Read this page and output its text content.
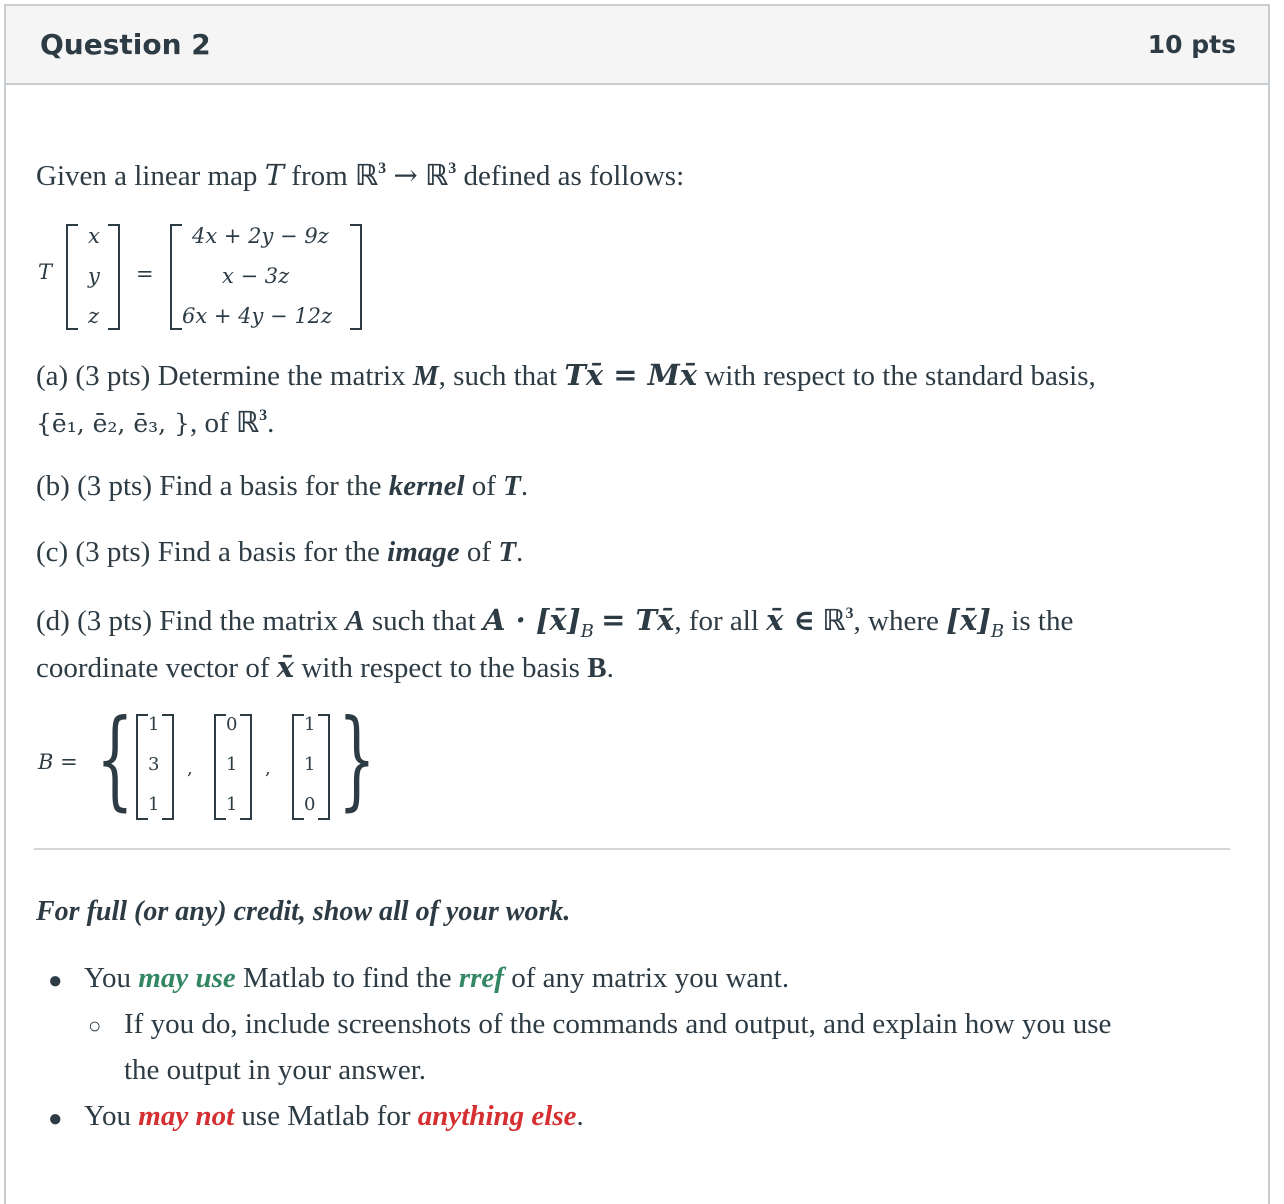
Question 2	10 pts
Given a linear map T from ℝ$^3$ → ℝ$^3$ defined as follows:
T
x
y
z
=
4x + 2y − 9z
x − 3z
6x + 4y − 12z
(a) (3 pts) Determine the matrix M, such that Tx̄ = Mx̄ with respect to the standard basis,
{ē₁, ē₂, ē₃, }, of ℝ$^3$.
(b) (3 pts) Find a basis for the kernel of T.
(c) (3 pts) Find a basis for the image of T.
(d) (3 pts) Find the matrix A such that $A \cdot [x̄]_B$ = Tx̄, for all x̄ ∈ ℝ$^3$, where $[x̄]_B$ is the
coordinate vector of x̄ with respect to the basis B.
B = { 1
3
1
,
0
1
1
,
1
1
0 }
For full (or any) credit, show all of your work.
● You may use Matlab to find the rref of any matrix you want.
○ If you do, include screenshots of the commands and output, and explain how you use
the output in your answer.
● You may not use Matlab for anything else.
